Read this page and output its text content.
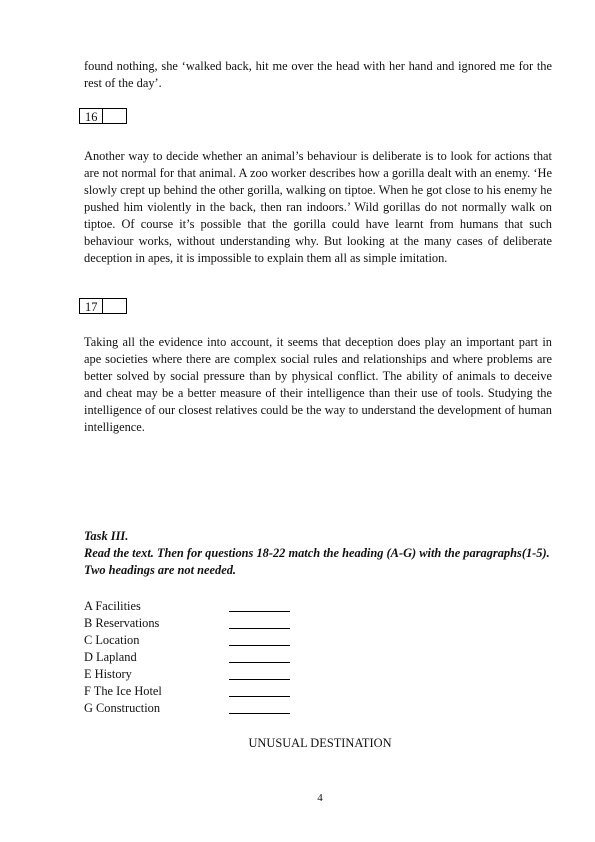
found nothing, she ‘walked back, hit me over the head with her hand and ignored me for the rest of the day’.

16

Another way to decide whether an animal’s behaviour is deliberate is to look for actions that are not normal for that animal. A zoo worker describes how a gorilla dealt with an enemy. ‘He slowly crept up behind the other gorilla, walking on tiptoe. When he got close to his enemy he pushed him violently in the back, then ran indoors.’ Wild gorillas do not normally walk on tiptoe. Of course it’s possible that the gorilla could have learnt from humans that such behaviour works, without understanding why. But looking at the many cases of deliberate deception in apes, it is impossible to explain them all as simple imitation.

17

Taking all the evidence into account, it seems that deception does play an important part in ape societies where there are complex social rules and relationships and where problems are better solved by social pressure than by physical conflict. The ability of animals to deceive and cheat may be a better measure of their intelligence than their use of tools. Studying the intelligence of our closest relatives could be the way to understand the development of human intelligence.

Task III.

Read the text. Then for questions 18-22 match the heading (A-G) with the paragraphs(1-5). Two headings are not needed.

A Facilities
B Reservations
C Location
D Lapland
E History
F The Ice Hotel
G Construction
UNUSUAL DESTINATION
4
